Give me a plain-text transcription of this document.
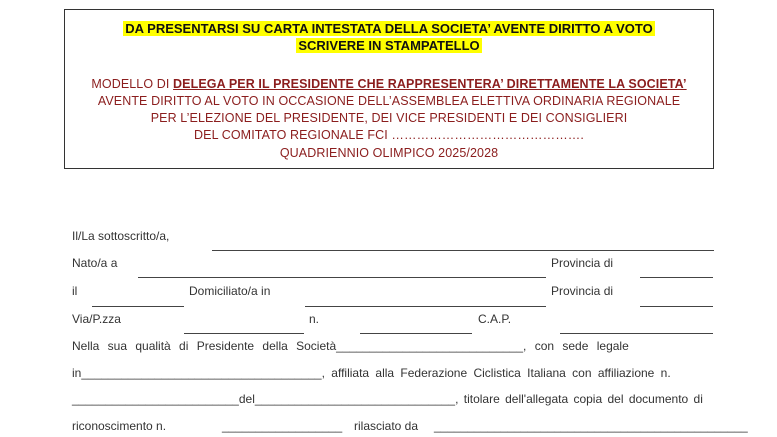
DA PRESENTARSI SU CARTA INTESTATA DELLA SOCIETA’ AVENTE DIRITTO A VOTO
SCRIVERE IN STAMPATELLO
MODELLO DI DELEGA PER IL PRESIDENTE CHE RAPPRESENTERA’ DIRETTAMENTE LA SOCIETA’
AVENTE DIRITTO AL VOTO IN OCCASIONE DELL’ASSEMBLEA ELETTIVA ORDINARIA REGIONALE
PER L’ELEZIONE DEL PRESIDENTE, DEI VICE PRESIDENTI E DEI CONSIGLIERI
DEL COMITATO REGIONALE FCI ……………………………………….
QUADRIENNIO OLIMPICO 2025/2028
Il/La sottoscritto/a,
Nato/a a	Provincia di
il	Domiciliato/a in	Provincia di
Via/P.zza	n.	C.A.P.
Nella sua qualità di Presidente della Società____________________________, con sede legale
in____________________________________, affiliata alla Federazione Ciclistica Italiana con affiliazione n.
_________________________del______________________________, titolare dell'allegata copia del documento di
riconoscimento n.	__________________ rilasciato da _______________________________________________
